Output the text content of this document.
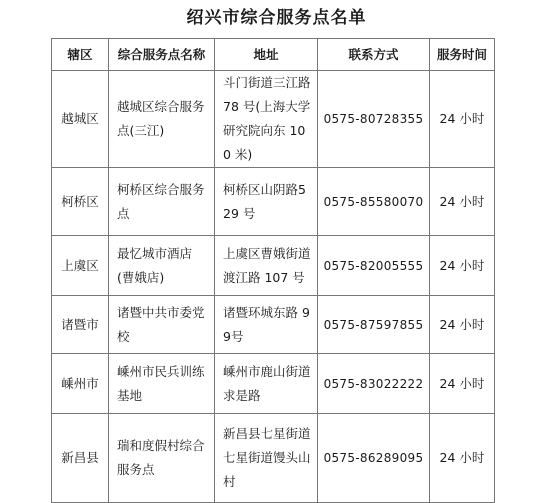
绍兴市综合服务点名单
辖区	综合服务点名称	地址	联系方式	服务时间
越城区	越城区综合服务点(三江)	斗门街道三江路78 号(上海大学研究院向东 100 米)	0575-80728355	24 小时
柯桥区	柯桥区综合服务点	柯桥区山阴路529 号	0575-85580070	24 小时
上虞区	最忆城市酒店(曹娥店)	上虞区曹娥街道渡江路 107 号	0575-82005555	24 小时
诸暨市	诸暨中共市委党校	诸暨环城东路 99号	0575-87597855	24 小时
嵊州市	嵊州市民兵训练基地	嵊州市鹿山街道求是路	0575-83022222	24 小时
新昌县	瑞和度假村综合服务点	新昌县七星街道七星街道馒头山村	0575-86289095	24 小时
